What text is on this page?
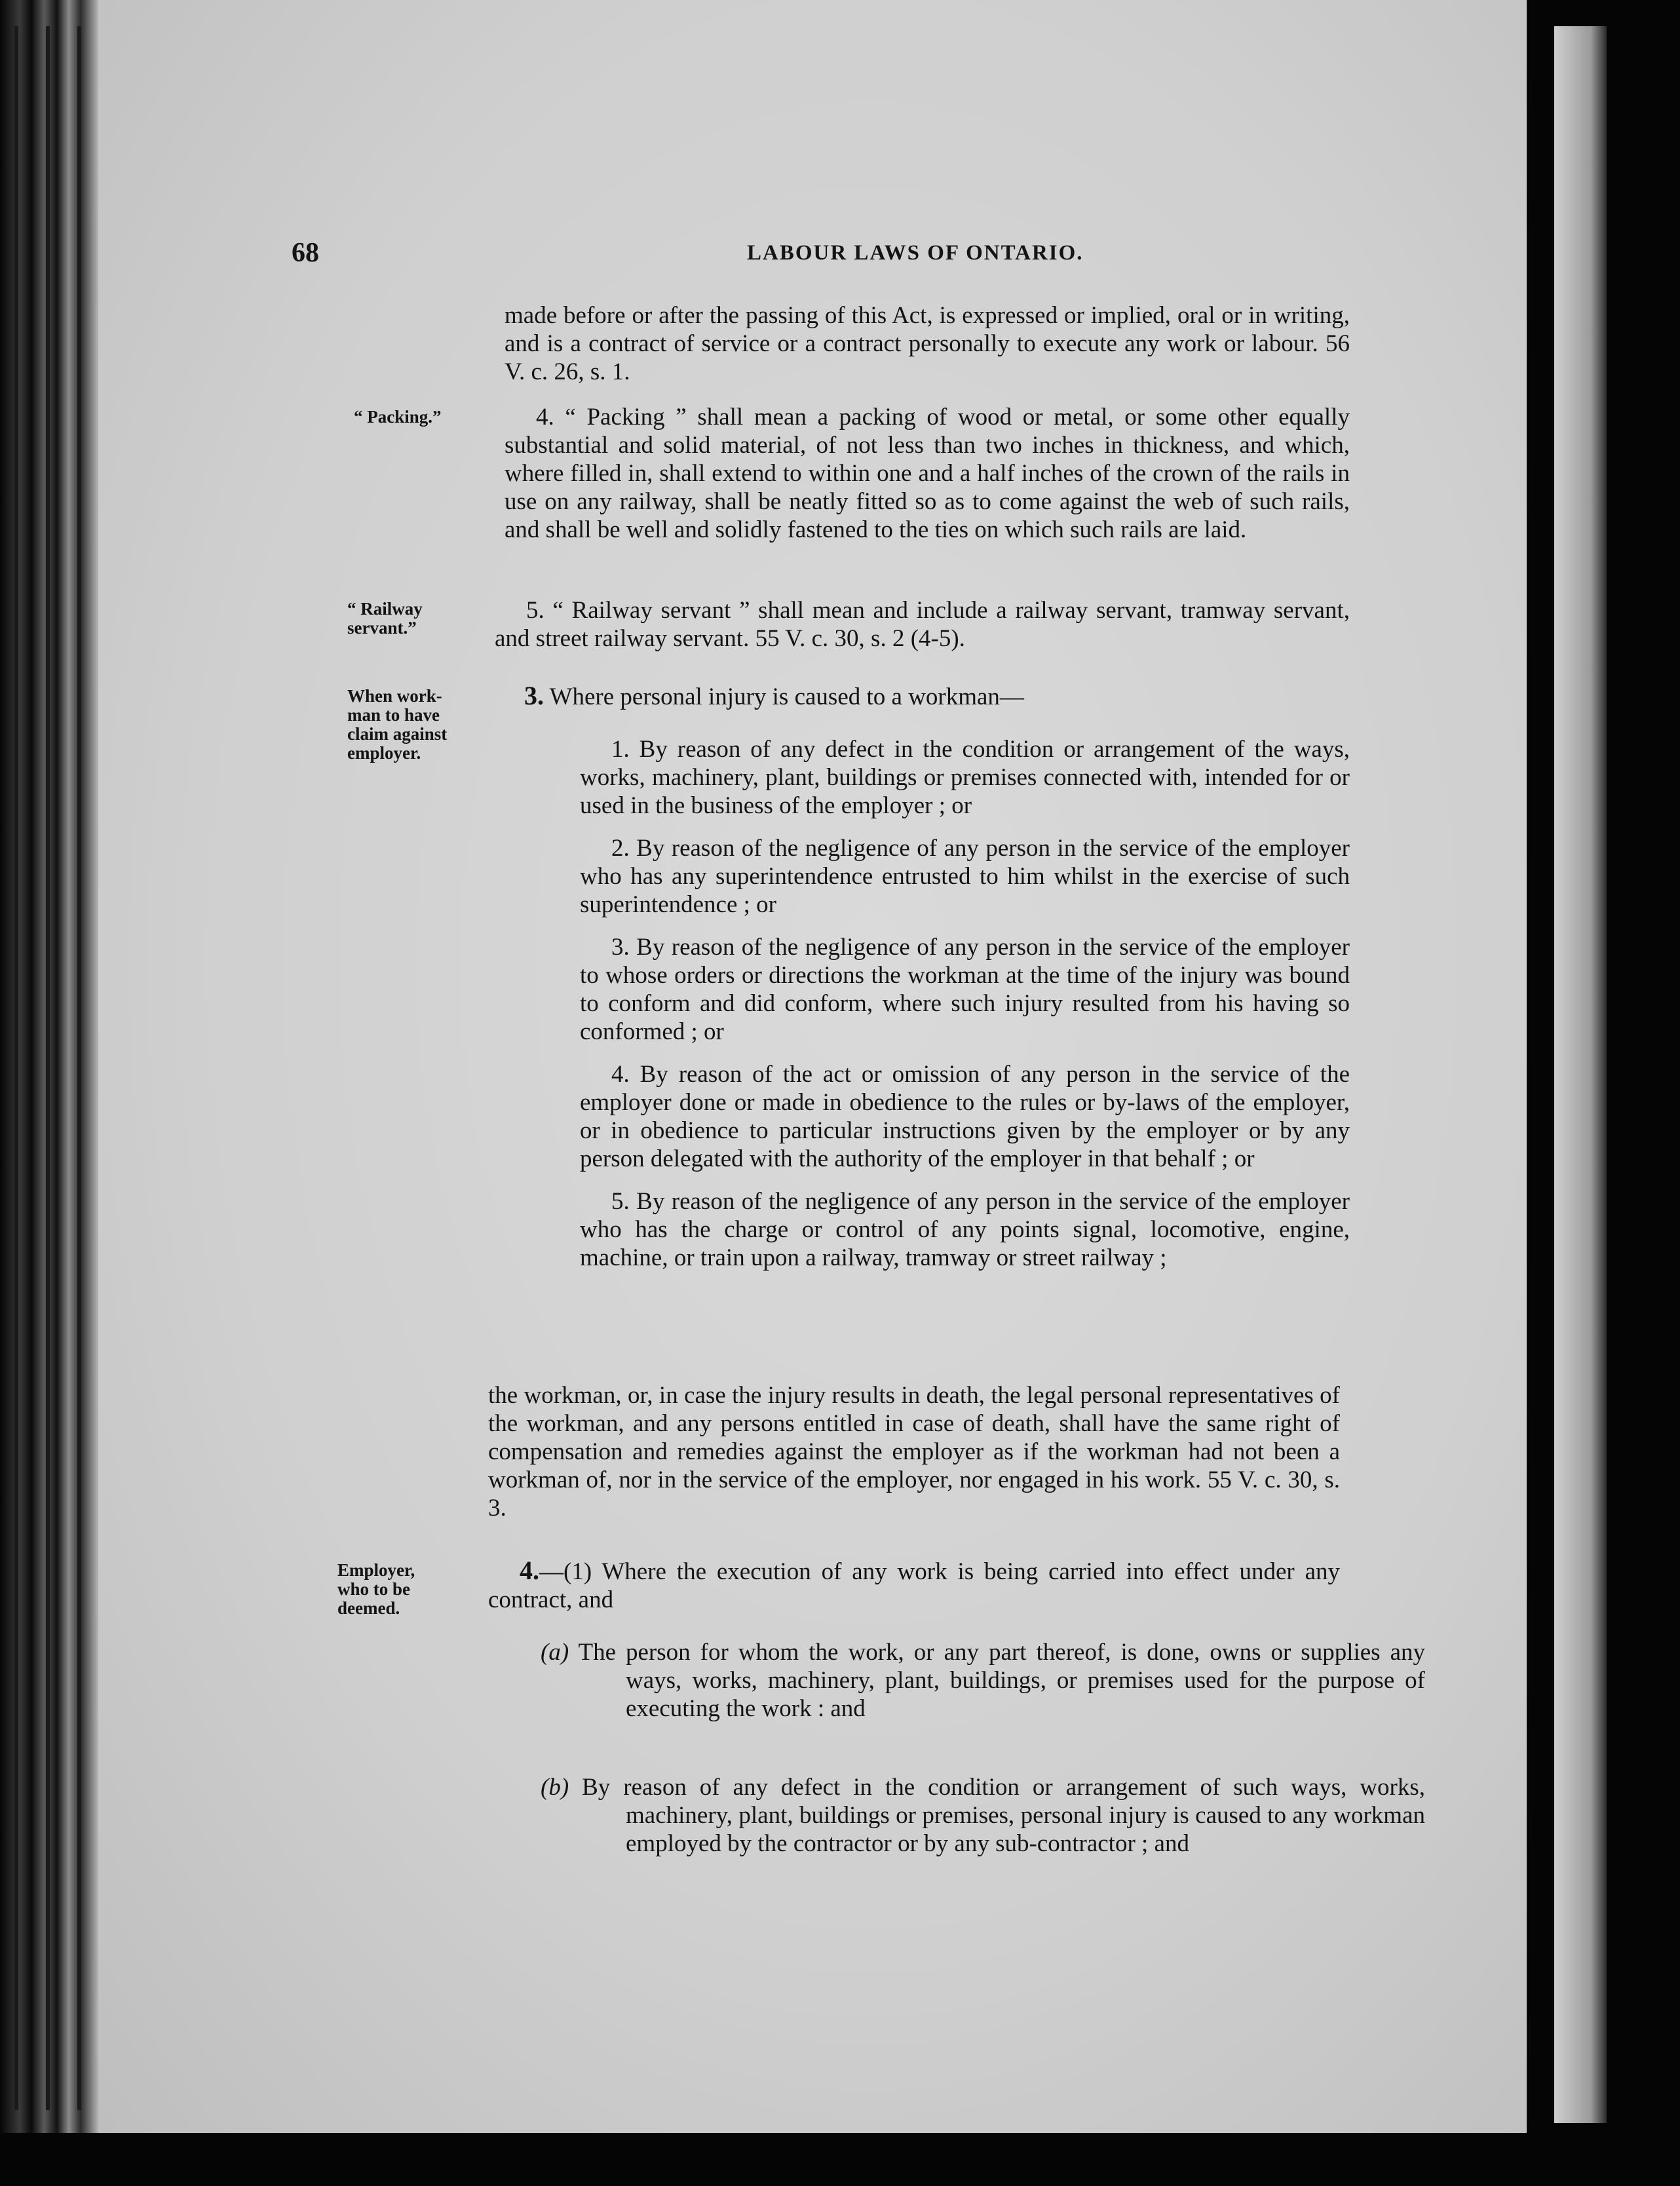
68	LABOUR LAWS OF ONTARIO.

made before or after the passing of this Act, is expressed or implied, oral or in writing, and is a contract of service or a contract personally to execute any work or labour. 56 V. c. 26, s. 1.

“ Packing.”	4. “ Packing ” shall mean a packing of wood or metal, or some other equally substantial and solid material, of not less than two inches in thickness, and which, where filled in, shall extend to within one and a half inches of the crown of the rails in use on any railway, shall be neatly fitted so as to come against the web of such rails, and shall be well and solidly fastened to the ties on which such rails are laid.

“ Railway
servant.”

5. “ Railway servant ” shall mean and include a railway servant, tramway servant, and street railway servant. 55 V. c. 30, s. 2 (4-5).

When work-
man to have
claim against
employer.

3. Where personal injury is caused to a workman—

1. By reason of any defect in the condition or arrangement of the ways, works, machinery, plant, buildings or premises connected with, intended for or used in the business of the employer ; or

2. By reason of the negligence of any person in the service of the employer who has any superintendence entrusted to him whilst in the exercise of such superintendence ; or

3. By reason of the negligence of any person in the service of the employer to whose orders or directions the workman at the time of the injury was bound to conform and did conform, where such injury resulted from his having so conformed ; or

4. By reason of the act or omission of any person in the service of the employer done or made in obedience to the rules or by-laws of the employer, or in obedience to particular instructions given by the employer or by any person delegated with the authority of the employer in that behalf ; or

5. By reason of the negligence of any person in the service of the employer who has the charge or control of any points signal, locomotive, engine, machine, or train upon a railway, tramway or street railway ;

the workman, or, in case the injury results in death, the legal personal representatives of the workman, and any persons entitled in case of death, shall have the same right of compensation and remedies against the employer as if the workman had not been a workman of, nor in the service of the employer, nor engaged in his work. 55 V. c. 30, s. 3.

Employer,
who to be
deemed.

4.—(1) Where the execution of any work is being carried into effect under any contract, and

(a) The person for whom the work, or any part thereof, is done, owns or supplies any ways, works, machinery, plant, buildings, or premises used for the purpose of executing the work : and

(b) By reason of any defect in the condition or arrangement of such ways, works, machinery, plant, buildings or premises, personal injury is caused to any workman employed by the contractor or by any sub-contractor ; and
